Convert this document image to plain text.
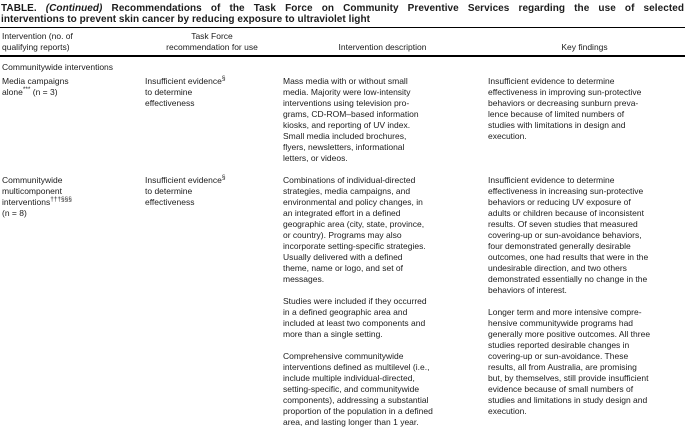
TABLE. (Continued) Recommendations of the Task Force on Community Preventive Services regarding the use of selected
interventions to prevent skin cancer by reducing exposure to ultraviolet light
Intervention (no. of
qualifying reports)
Task Force
recommendation for use	Intervention description	Key findings
Communitywide interventions
Media campaigns
alone*** (n = 3)
Insufficient evidence§
to determine
effectiveness

Mass media with or without small
media. Majority were low-intensity
interventions using television pro-
grams, CD-ROM–based information
kiosks, and reporting of UV index.
Small media included brochures,
flyers, newsletters, informational
letters, or videos.

Insufficient evidence to determine
effectiveness in improving sun-protective
behaviors or decreasing sunburn preva-
lence because of limited numbers of
studies with limitations in design and
execution.

Communitywide
multicomponent
interventions†††§§§
(n = 8)
Insufficient evidence§
to determine
effectiveness

Combinations of individual-directed
strategies, media campaigns, and
environmental and policy changes, in
an integrated effort in a defined
geographic area (city, state, province,
or country). Programs may also
incorporate setting-specific strategies.
Usually delivered with a defined
theme, name or logo, and set of
messages.

Studies were included if they occurred
in a defined geographic area and
included at least two components and
more than a single setting.

Comprehensive communitywide
interventions defined as multilevel (i.e.,
include multiple individual-directed,
setting-specific, and communitywide
components), addressing a substantial
proportion of the population in a defined
area, and lasting longer than 1 year.

Insufficient evidence to determine
effectiveness in increasing sun-protective
behaviors or reducing UV exposure of
adults or children because of inconsistent
results. Of seven studies that measured
covering-up or sun-avoidance behaviors,
four demonstrated generally desirable
outcomes, one had results that were in the
undesirable direction, and two others
demonstrated essentially no change in the
behaviors of interest.

Longer term and more intensive compre-
hensive communitywide programs had
generally more positive outcomes. All three
studies reported desirable changes in
covering-up or sun-avoidance. These
results, all from Australia, are promising
but, by themselves, still provide insufficient
evidence because of small numbers of
studies and limitations in study design and
execution.
